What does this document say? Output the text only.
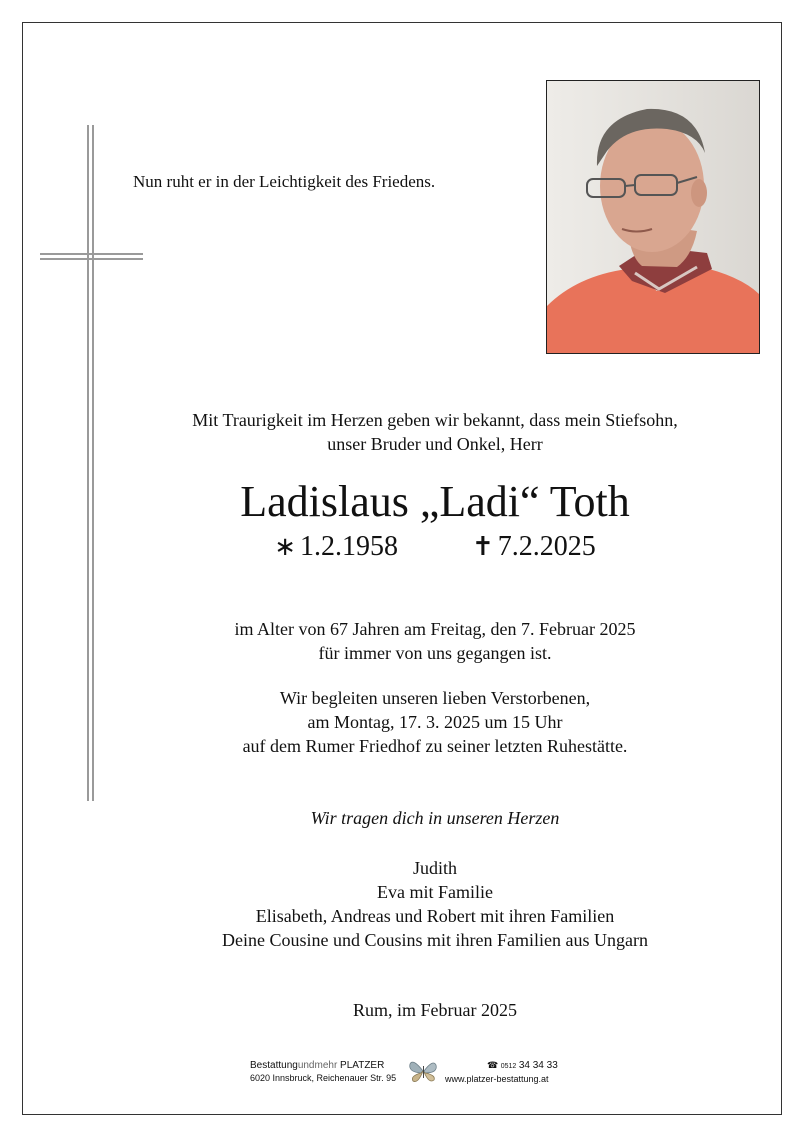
Nun ruht er in der Leichtigkeit des Friedens.
Mit Traurigkeit im Herzen geben wir bekannt, dass mein Stiefsohn,
unser Bruder und Onkel, Herr
Ladislaus „Ladi“ Toth
∗ 1.2.1958	✝ 7.2.2025
im Alter von 67 Jahren am Freitag, den 7. Februar 2025
für immer von uns gegangen ist.
Wir begleiten unseren lieben Verstorbenen,
am Montag, 17. 3. 2025 um 15 Uhr
auf dem Rumer Friedhof zu seiner letzten Ruhestätte.
Wir tragen dich in unseren Herzen
Judith
Eva mit Familie
Elisabeth, Andreas und Robert mit ihren Familien
Deine Cousine und Cousins mit ihren Familien aus Ungarn
Rum, im Februar 2025
Bestattungundmehr PLATZER
6020 Innsbruck, Reichenauer Str. 95
☎ 0512 34 34 33
www.platzer-bestattung.at
